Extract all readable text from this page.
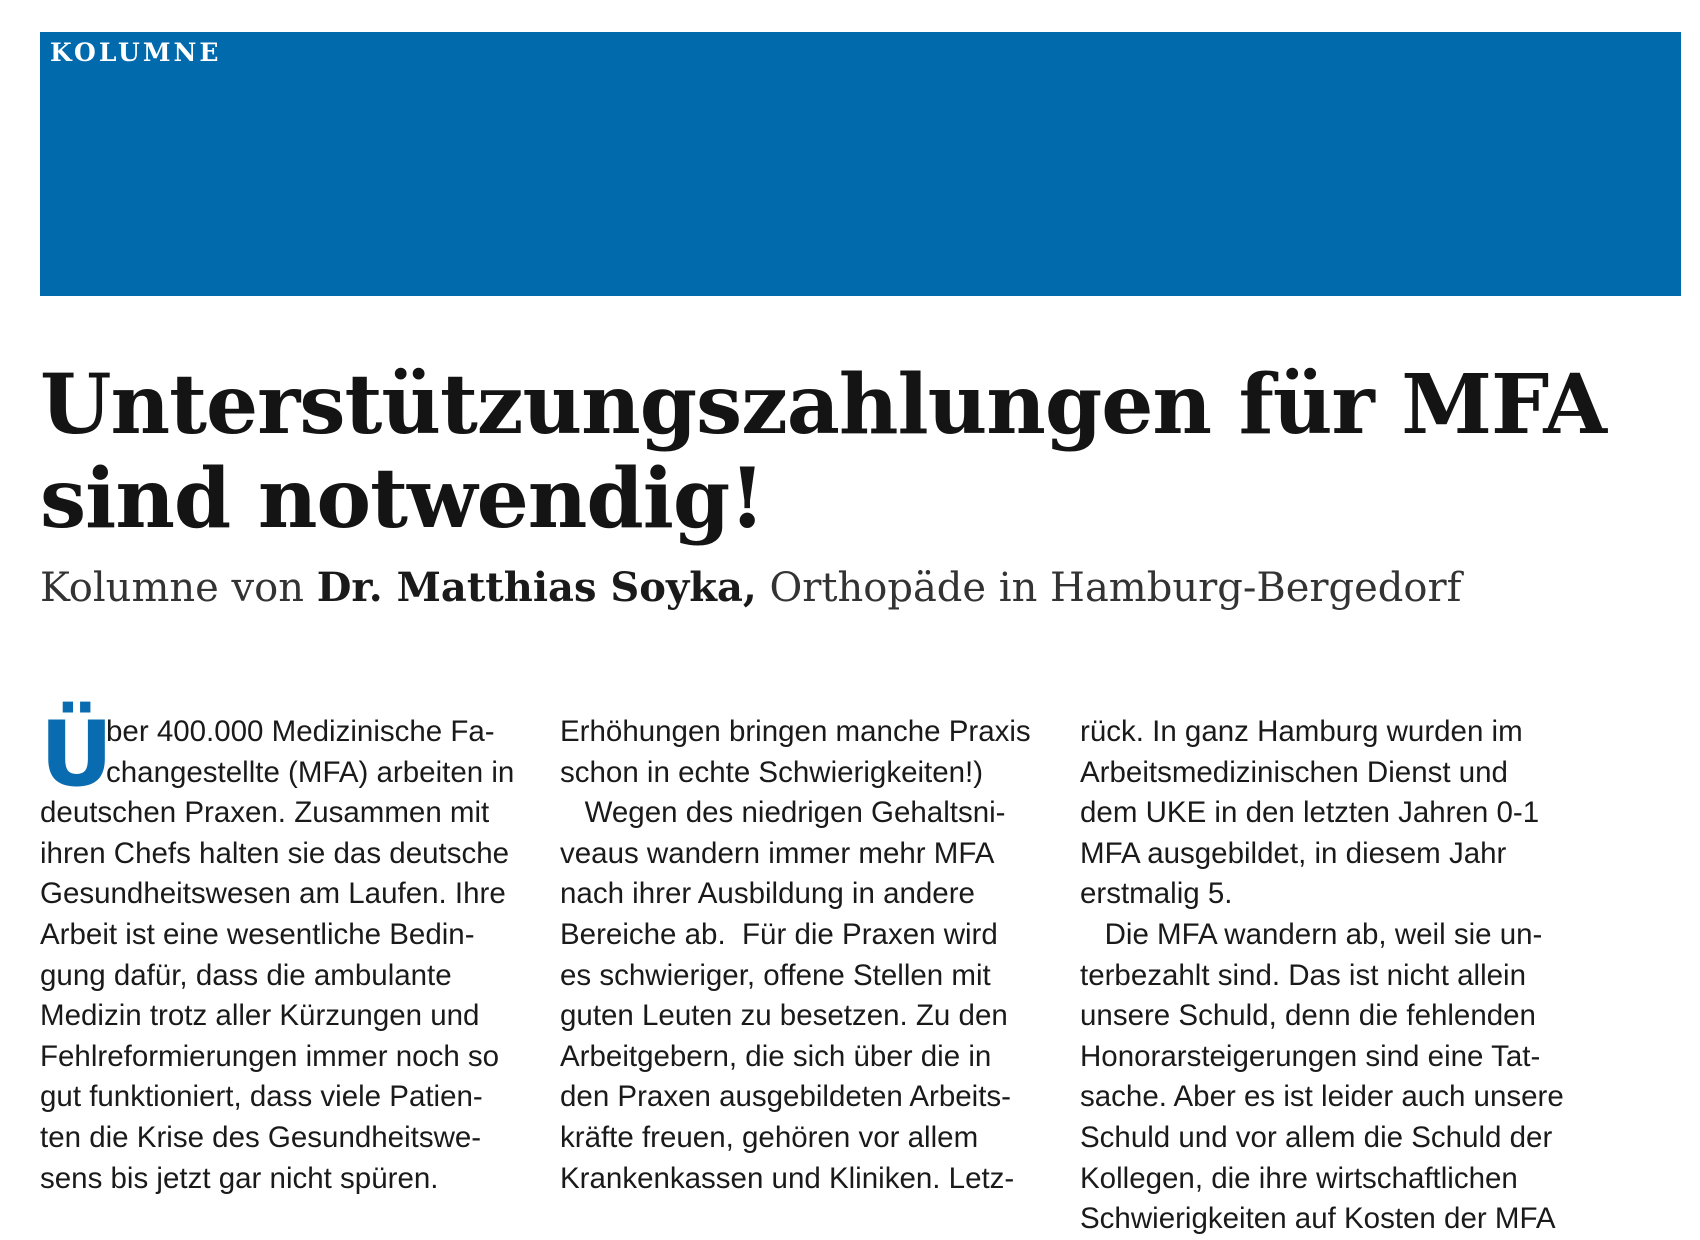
KOLUMNE
Unterstützungszahlungen für MFA
sind notwendig!

Kolumne von Dr. Matthias Soyka, Orthopäde in Hamburg-Bergedorf

Ü
ber 400.000 Medizinische Fa-
changestellte (MFA) arbeiten in
deutschen Praxen. Zusammen mit
ihren Chefs halten sie das deutsche
Gesundheitswesen am Laufen. Ihre
Arbeit ist eine wesentliche Bedin-
gung dafür, dass die ambulante
Medizin trotz aller Kürzungen und
Fehlreformierungen immer noch so
gut funktioniert, dass viele Patien-
ten die Krise des Gesundheitswe-
sens bis jetzt gar nicht spüren.
Erhöhungen bringen manche Praxis
schon in echte Schwierigkeiten!)
Wegen des niedrigen Gehaltsni-
veaus wandern immer mehr MFA
nach ihrer Ausbildung in andere
Bereiche ab.  Für die Praxen wird
es schwieriger, offene Stellen mit
guten Leuten zu besetzen. Zu den
Arbeitgebern, die sich über die in
den Praxen ausgebildeten Arbeits-
kräfte freuen, gehören vor allem
Krankenkassen und Kliniken. Letz-
rück. In ganz Hamburg wurden im
Arbeitsmedizinischen Dienst und
dem UKE in den letzten Jahren 0-1
MFA ausgebildet, in diesem Jahr
erstmalig 5.
Die MFA wandern ab, weil sie un-
terbezahlt sind. Das ist nicht allein
unsere Schuld, denn die fehlenden
Honorarsteigerungen sind eine Tat-
sache. Aber es ist leider auch unsere
Schuld und vor allem die Schuld der
Kollegen, die ihre wirtschaftlichen
Schwierigkeiten auf Kosten der MFA
